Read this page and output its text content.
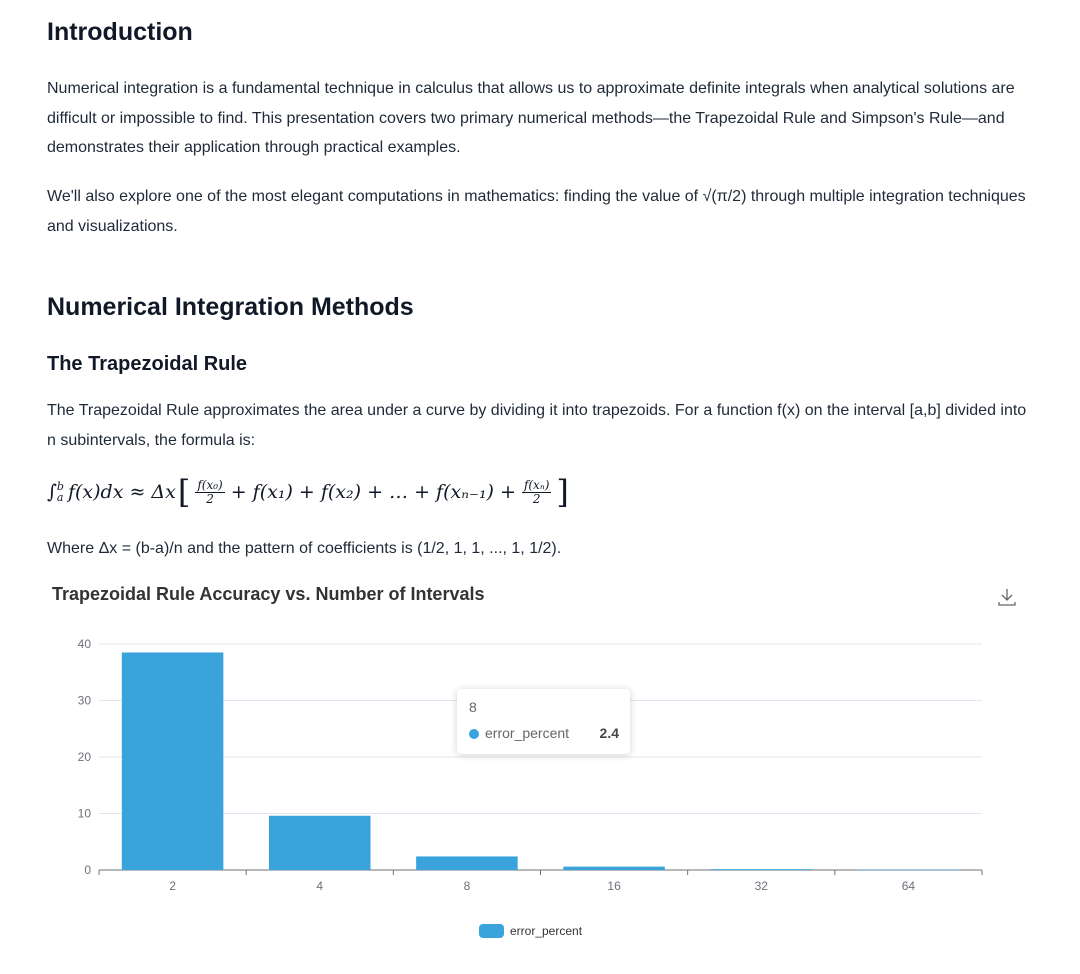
Introduction

Numerical integration is a fundamental technique in calculus that allows us to approximate definite integrals when analytical solutions are difficult or impossible to find. This presentation covers two primary numerical methods—the Trapezoidal Rule and Simpson's Rule—and demonstrates their application through practical examples.

We'll also explore one of the most elegant computations in mathematics: finding the value of √(π/2) through multiple integration techniques and visualizations.

Numerical Integration Methods
The Trapezoidal Rule

The Trapezoidal Rule approximates the area under a curve by dividing it into trapezoids. For a function f(x) on the interval [a,b] divided into n subintervals, the formula is:

∫ b
a f(x)dx ≈ Δx [ $\frac{\text{f(x₀)}}{2} + f(x_1) + f(x_2)$ + … + $f(x_{n-1}) + \frac{\text{f(xₙ)}}{2}$ ]

Where Δx = (b-a)/n and the pattern of coefficients is (1/2, 1, 1, ..., 1, 1/2).

Trapezoidal Rule Accuracy vs. Number of Intervals
0
10
20
30
40
2	4	8	16	32	64
8
error_percent 2.4
error_percent
